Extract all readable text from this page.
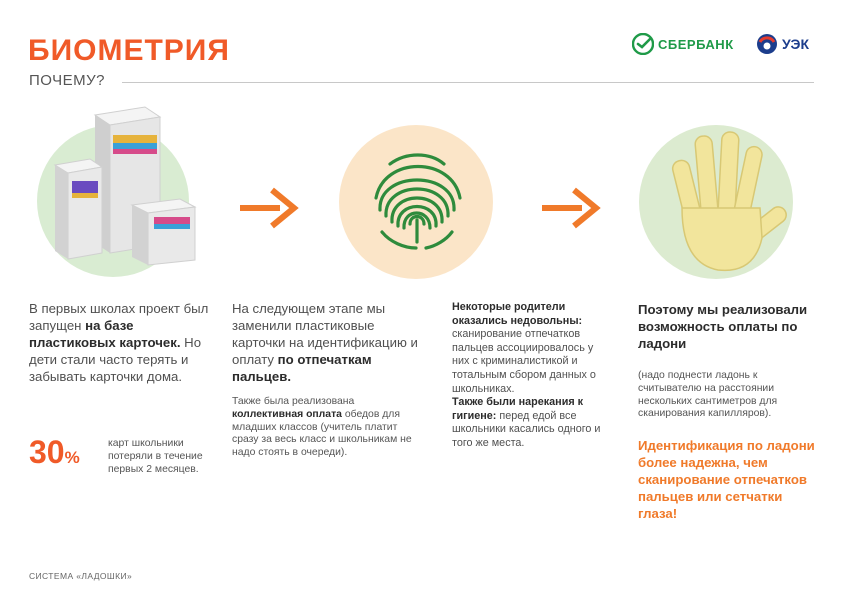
БИОМЕТРИЯ
ПОЧЕМУ?
СБЕРБАНК	УЭК
В первых школах проект был запущен на базе пластиковых карточек. Но дети стали часто терять и забывать карточки дома.
30%
карт школьники потеряли в течение первых 2 месяцев.
На следующем этапе мы заменили пластиковые карточки на идентификацию и оплату по отпечаткам пальцев.
Также была реализована коллективная оплата обедов для младших классов (учитель платит сразу за весь класс и школьникам не надо стоять в очереди).
Некоторые родители оказались недовольны: сканирование отпечатков пальцев ассоциировалось у них с криминалистикой и тотальным сбором данных о школьниках.
Также были нарекания к гигиене: перед едой все школьники касались одного и того же места.
Поэтому мы реализовали возможность оплаты по ладони
(надо поднести ладонь к считывателю на расстоянии нескольких сантиметров для сканирования капилляров).
Идентификация по ладони более надежна, чем сканирование отпечатков пальцев или сетчатки глаза!
СИСТЕМА «ЛАДОШКИ»
